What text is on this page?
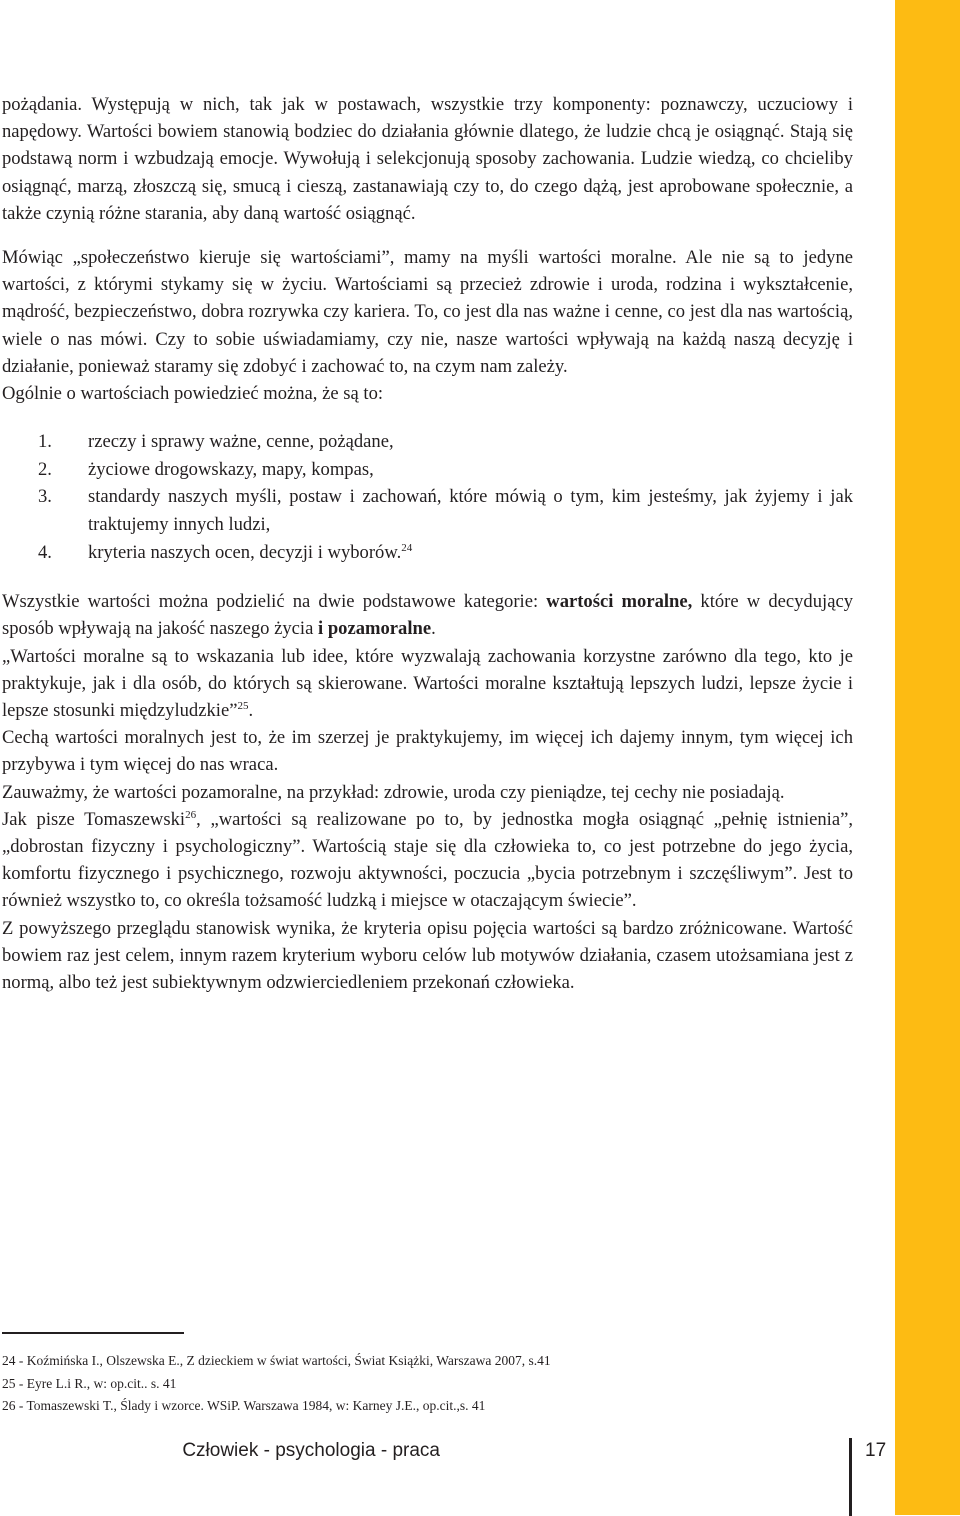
pożądania. Występują w nich, tak jak w postawach, wszystkie trzy komponenty: poznawczy, uczuciowy i napędowy. Wartości bowiem stanowią bodziec do działania głównie dlatego, że ludzie chcą je osiągnąć. Stają się podstawą norm i wzbudzają emocje. Wywołują i selekcjonują sposoby zachowania. Ludzie wiedzą, co chcieliby osiągnąć, marzą, złoszczą się, smucą i cieszą, zastanawiają czy to, do czego dążą, jest aprobowane społecznie, a także czynią różne starania, aby daną wartość osiągnąć.

Mówiąc „społeczeństwo kieruje się wartościami”, mamy na myśli wartości moralne. Ale nie są to jedyne wartości, z którymi stykamy się w życiu. Wartościami są przecież zdrowie i uroda, rodzina i wykształcenie, mądrość, bezpieczeństwo, dobra rozrywka czy kariera. To, co jest dla nas ważne i cenne, co jest dla nas wartością, wiele o nas mówi. Czy to sobie uświadamiamy, czy nie, nasze wartości wpływają na każdą naszą decyzję i działanie, ponieważ staramy się zdobyć i zachować to, na czym nam zależy.

Ogólnie o wartościach powiedzieć można, że są to:

1. rzeczy i sprawy ważne, cenne, pożądane,
2. życiowe drogowskazy, mapy, kompas,
3. standardy naszych myśli, postaw i zachowań, które mówią o tym, kim jesteśmy, jak żyjemy i jak traktujemy innych ludzi,
4. kryteria naszych ocen, decyzji i wyborów.$^{24}$

Wszystkie wartości można podzielić na dwie podstawowe kategorie: wartości moralne, które w decydujący sposób wpływają na jakość naszego życia i pozamoralne.

„Wartości moralne są to wskazania lub idee, które wyzwalają zachowania korzystne zarówno dla tego, kto je praktykuje, jak i dla osób, do których są skierowane. Wartości moralne kształtują lepszych ludzi, lepsze życie i lepsze stosunki międzyludzkie”$^{25}$.

Cechą wartości moralnych jest to, że im szerzej je praktykujemy, im więcej ich dajemy innym, tym więcej ich przybywa i tym więcej do nas wraca.

Zauważmy, że wartości pozamoralne, na przykład: zdrowie, uroda czy pieniądze, tej cechy nie posiadają.

Jak pisze Tomaszewski$^{26}$, „wartości są realizowane po to, by jednostka mogła osiągnąć „pełnię istnienia”, „dobrostan fizyczny i psychologiczny”. Wartością staje się dla człowieka to, co jest potrzebne do jego życia, komfortu fizycznego i psychicznego, rozwoju aktywności, poczucia „bycia potrzebnym i szczęśliwym”. Jest to również wszystko to, co określa tożsamość ludzką i miejsce w otaczającym świecie”.

Z powyższego przeglądu stanowisk wynika, że kryteria opisu pojęcia wartości są bardzo zróżnicowane. Wartość bowiem raz jest celem, innym razem kryterium wyboru celów lub motywów działania, czasem utożsamiana jest z normą, albo też jest subiektywnym odzwierciedleniem przekonań człowieka.

24 - Koźmińska I., Olszewska E., Z dzieckiem w świat wartości, Świat Książki, Warszawa 2007, s.41
25 - Eyre L.i R., w: op.cit.. s. 41
26 - Tomaszewski T., Ślady i wzorce. WSiP. Warszawa 1984, w: Karney J.E., op.cit.,s. 41
Człowiek - psychologia - praca	17
